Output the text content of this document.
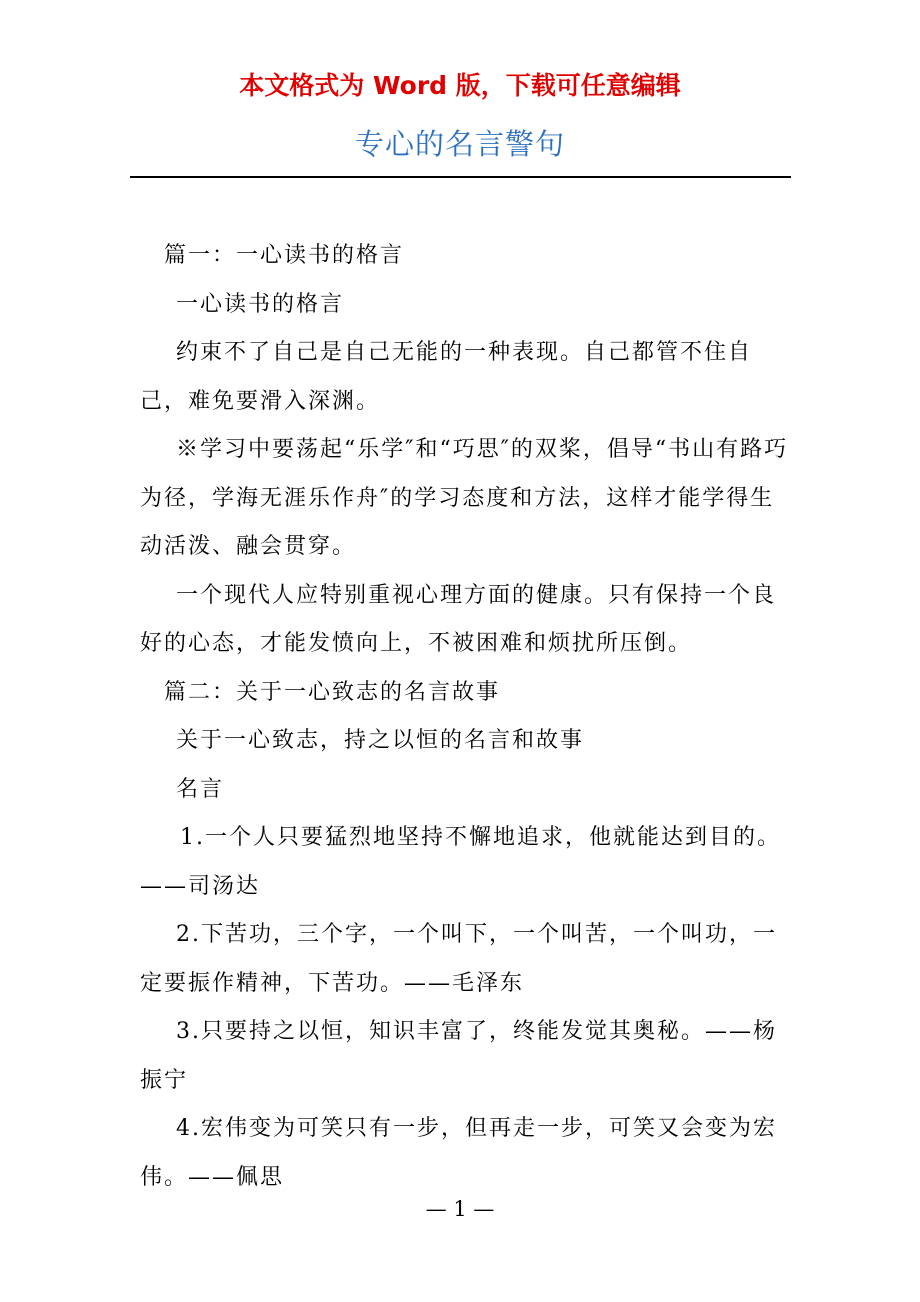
本文格式为 Word 版，下载可任意编辑
专心的名言警句

篇一：一心读书的格言

一心读书的格言

约束不了自己是自己无能的一种表现。自己都管不住自己，难免要滑入深渊。

※学习中要荡起“乐学″和“巧思″的双桨，倡导“书山有路巧为径，学海无涯乐作舟″的学习态度和方法，这样才能学得生动活泼、融会贯穿。

一个现代人应特别重视心理方面的健康。只有保持一个良好的心态，才能发愤向上，不被困难和烦扰所压倒。

篇二：关于一心致志的名言故事

关于一心致志，持之以恒的名言和故事

名言

1.一个人只要猛烈地坚持不懈地追求，他就能达到目的。——司汤达

2.下苦功，三个字，一个叫下，一个叫苦，一个叫功，一定要振作精神，下苦功。——毛泽东

3.只要持之以恒，知识丰富了，终能发觉其奥秘。——杨振宁

4.宏伟变为可笑只有一步，但再走一步，可笑又会变为宏伟。——佩思

— 1 —
